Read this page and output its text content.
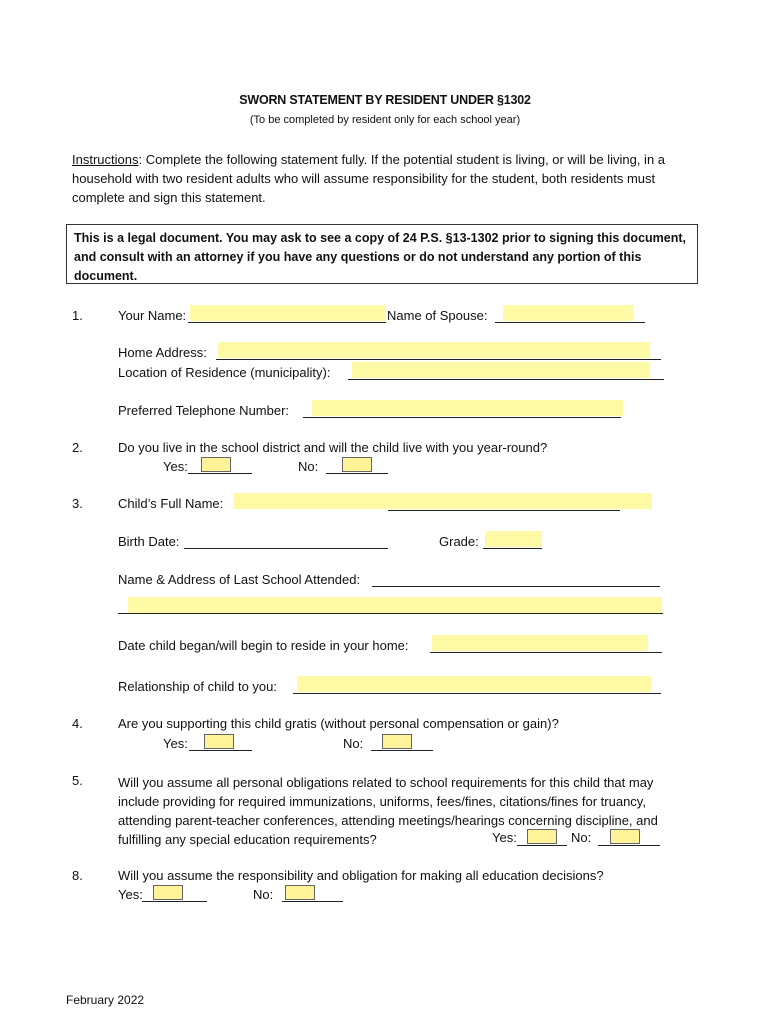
SWORN STATEMENT BY RESIDENT UNDER §1302
(To be completed by resident only for each school year)
Instructions: Complete the following statement fully. If the potential student is living, or will be living, in a household with two resident adults who will assume responsibility for the student, both residents must complete and sign this statement.
This is a legal document. You may ask to see a copy of 24 P.S. §13-1302 prior to signing this document, and consult with an attorney if you have any questions or do not understand any portion of this document.
1.	Your Name:	Name of Spouse:
Home Address:
Location of Residence (municipality):
Preferred Telephone Number:
2.	Do you live in the school district and will the child live with you year-round?
Yes:	No:
3.	Child’s Full Name:
Birth Date:	Grade:
Name & Address of Last School Attended:
Date child began/will begin to reside in your home:
Relationship of child to you:
4.	Are you supporting this child gratis (without personal compensation or gain)?
Yes:	No:
5.	Will you assume all personal obligations related to school requirements for this child that may include providing for required immunizations, uniforms, fees/fines, citations/fines for truancy, attending parent-teacher conferences, attending meetings/hearings concerning discipline, and fulfilling any special education requirements?	Yes:	No:
8.	Will you assume the responsibility and obligation for making all education decisions?
Yes:	No:
February 2022
